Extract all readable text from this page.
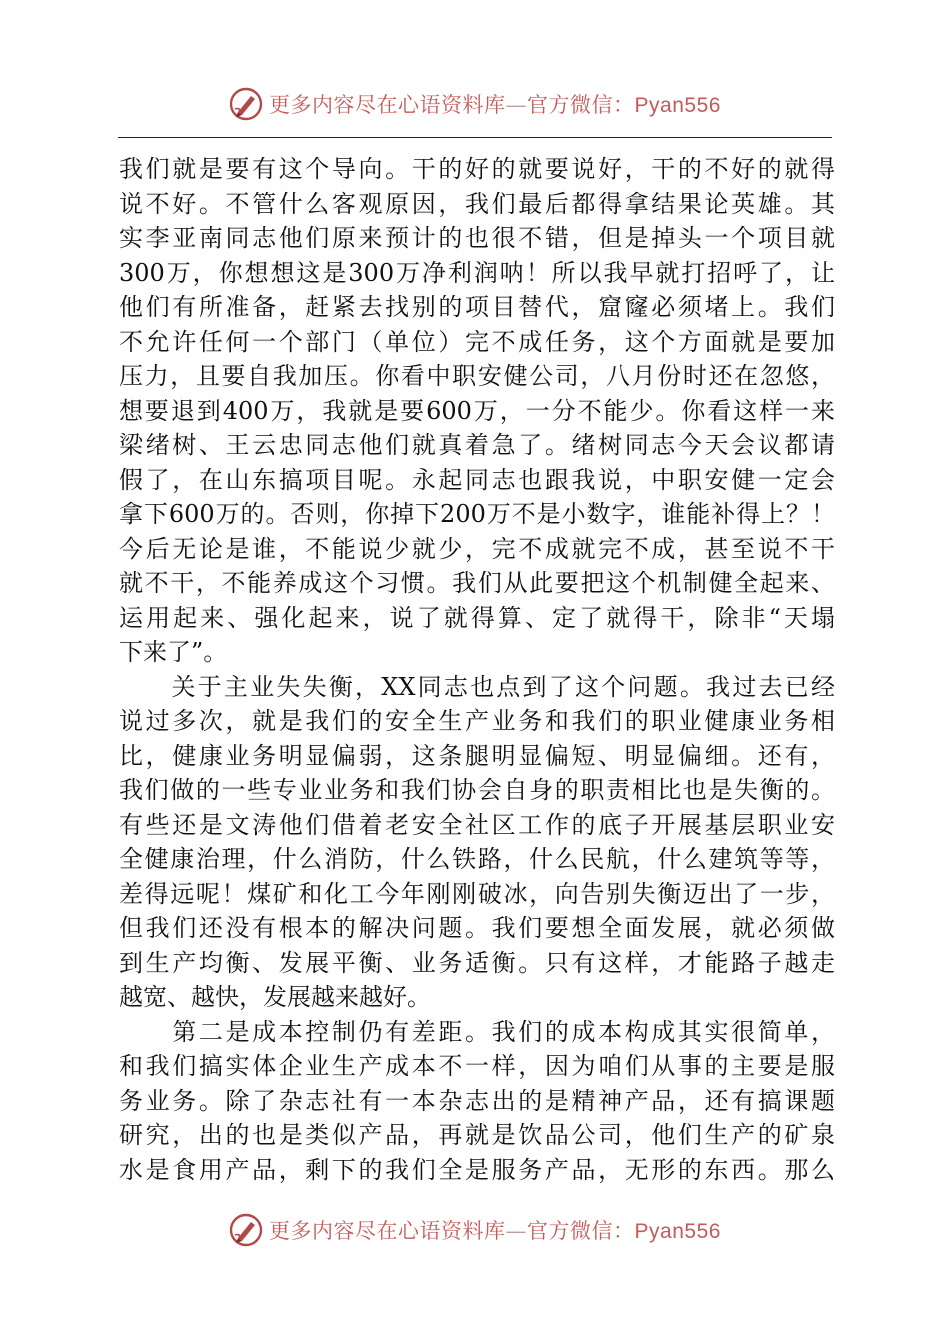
更多内容尽在心语资料库—官方微信：Pyan556
我们就是要有这个导向。干的好的就要说好，干的不好的就得
说不好。不管什么客观原因，我们最后都得拿结果论英雄。其
实李亚南同志他们原来预计的也很不错，但是掉头一个项目就
300万，你想想这是300万净利润呐！所以我早就打招呼了，让
他们有所准备，赶紧去找别的项目替代，窟窿必须堵上。我们
不允许任何一个部门（单位）完不成任务，这个方面就是要加
压力，且要自我加压。你看中职安健公司，八月份时还在忽悠，
想要退到400万，我就是要600万，一分不能少。你看这样一来
梁绪树、王云忠同志他们就真着急了。绪树同志今天会议都请
假了，在山东搞项目呢。永起同志也跟我说，中职安健一定会
拿下600万的。否则，你掉下200万不是小数字，谁能补得上？！
今后无论是谁，不能说少就少，完不成就完不成，甚至说不干
就不干，不能养成这个习惯。我们从此要把这个机制健全起来、
运用起来、强化起来，说了就得算、定了就得干，除非“天塌
下来了”。
　　关于主业失失衡，XX同志也点到了这个问题。我过去已经
说过多次，就是我们的安全生产业务和我们的职业健康业务相
比，健康业务明显偏弱，这条腿明显偏短、明显偏细。还有，
我们做的一些专业业务和我们协会自身的职责相比也是失衡的。
有些还是文涛他们借着老安全社区工作的底子开展基层职业安
全健康治理，什么消防，什么铁路，什么民航，什么建筑等等，
差得远呢！煤矿和化工今年刚刚破冰，向告别失衡迈出了一步，
但我们还没有根本的解决问题。我们要想全面发展，就必须做
到生产均衡、发展平衡、业务适衡。只有这样，才能路子越走
越宽、越快，发展越来越好。
　　第二是成本控制仍有差距。我们的成本构成其实很简单，
和我们搞实体企业生产成本不一样，因为咱们从事的主要是服
务业务。除了杂志社有一本杂志出的是精神产品，还有搞课题
研究，出的也是类似产品，再就是饮品公司，他们生产的矿泉
水是食用产品，剩下的我们全是服务产品，无形的东西。那么
更多内容尽在心语资料库—官方微信：Pyan556
